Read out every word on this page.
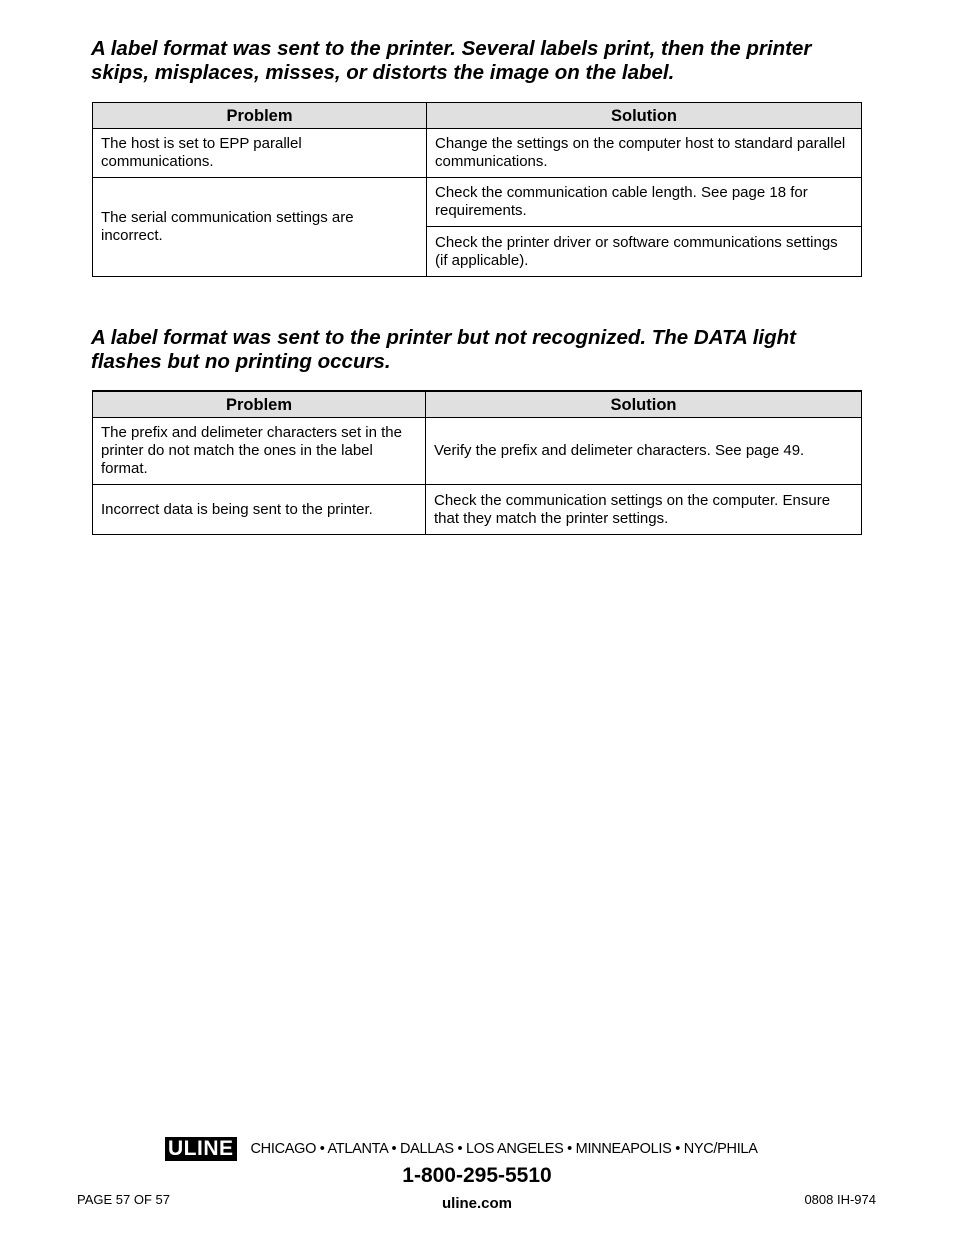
A label format was sent to the printer. Several labels print, then the printer skips, misplaces, misses, or distorts the image on the label.
Problem	Solution
The host is set to EPP parallel communications.	Change the settings on the computer host to standard parallel communications.
The serial communication settings are incorrect.	Check the communication cable length. See page 18 for requirements.
	Check the printer driver or software communications settings (if applicable).
A label format was sent to the printer but not recognized. The DATA light flashes but no printing occurs.
Problem	Solution
The prefix and delimeter characters set in the printer do not match the ones in the label format.	Verify the prefix and delimeter characters. See page 49.
Incorrect data is being sent to the printer.	Check the communication settings on the computer. Ensure that they match the printer settings.
ULINE CHICAGO • ATLANTA • DALLAS • LOS ANGELES • MINNEAPOLIS • NYC/PHILA
1-800-295-5510
uline.com
PAGE 57 OF 57	0808 IH-974
